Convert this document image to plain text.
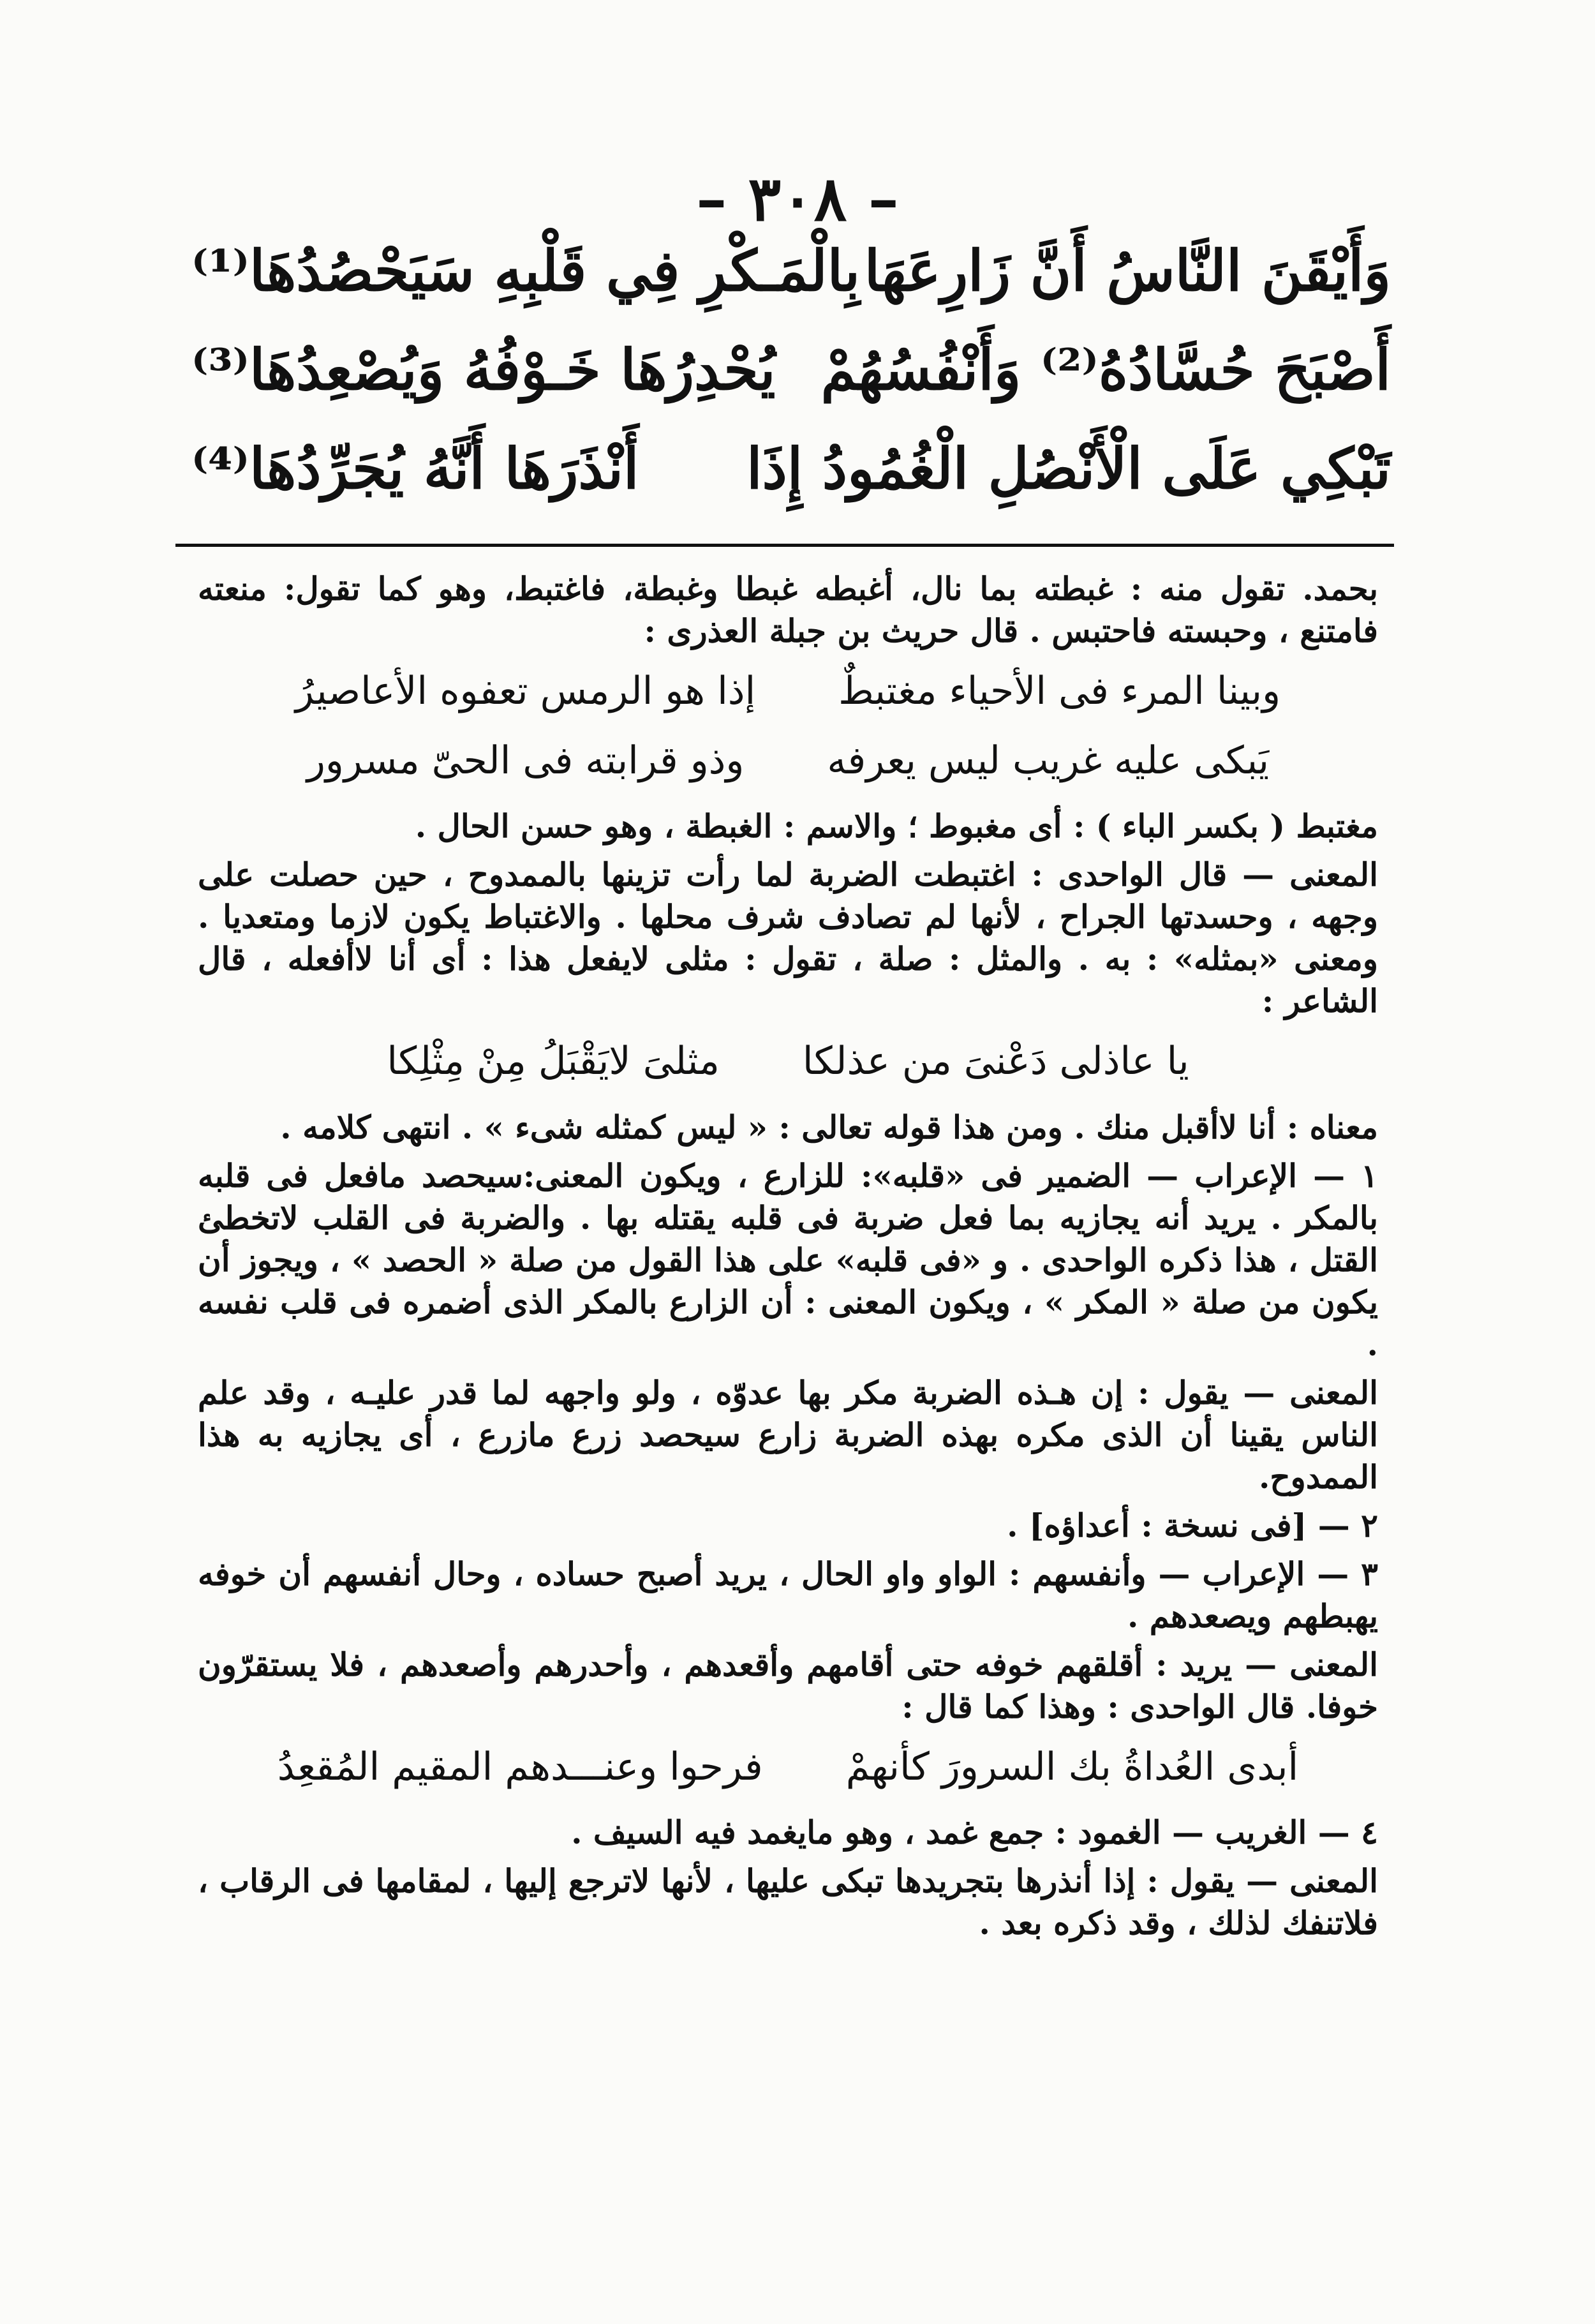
– ٣٠٨ –
وَأَيْقَنَ النَّاسُ أَنَّ زَارِعَهَا
بِالْمَـكْرِ فِي قَلْبِهِ سَيَحْصُدُهَا⁽¹⁾
أَصْبَحَ حُسَّادُهُ⁽²⁾ وَأَنْفُسُهُمْ
يُحْدِرُهَا خَـوْفُهُ وَيُصْعِدُهَا⁽³⁾
تَبْكِي عَلَى الْأَنْصُلِ الْغُمُودُ إِذَا
أَنْذَرَهَا أَنَّهُ يُجَرِّدُهَا⁽⁴⁾

بحمد. تقول منه : غبطته بما نال، أغبطه غبطا وغبطة، فاغتبط، وهو كما تقول: منعته فامتنع ، وحبسته فاحتبس . قال حريث بن جبلة العذرى :

وبينا المرء فى الأحياء مغتبطٌ
إذا هو الرمس تعفوه الأعاصيرُ
يَبكى عليه غريب ليس يعرفه
وذو قرابته فى الحىّ مسرور

مغتبط ( بكسر الباء ) : أى مغبوط ؛ والاسم : الغبطة ، وهو حسن الحال .

المعنى — قال الواحدى : اغتبطت الضربة لما رأت تزينها بالممدوح ، حين حصلت على وجهه ، وحسدتها الجراح ، لأنها لم تصادف شرف محلها . والاغتباط يكون لازما ومتعديا . ومعنى «بمثله» : به . والمثل : صلة ، تقول : مثلى لايفعل هذا : أى أنا لاأفعله ، قال الشاعر :

يا عاذلى دَعْنىَ من عذلكا
مثلىَ لايَقْبَلُ مِنْ مِثْلِكا

معناه : أنا لاأقبل منك . ومن هذا قوله تعالى : « ليس كمثله شىء » . انتهى كلامه .

١ — الإعراب — الضمير فى «قلبه»: للزارع ، ويكون المعنى:سيحصد مافعل فى قلبه بالمكر . يريد أنه يجازيه بما فعل ضربة فى قلبه يقتله بها . والضربة فى القلب لاتخطئ القتل ، هذا ذكره الواحدى . و «فى قلبه» على هذا القول من صلة « الحصد » ، ويجوز أن يكون من صلة « المكر » ، ويكون المعنى : أن الزارع بالمكر الذى أضمره فى قلب نفسه .

المعنى — يقول : إن هـذه الضربة مكر بها عدوّه ، ولو واجهه لما قدر عليـه ، وقد علم الناس يقينا أن الذى مكره بهذه الضربة زارع سيحصد زرع مازرع ، أى يجازيه به هذا الممدوح.

٢ — [فى نسخة : أعداؤه] .

٣ — الإعراب — وأنفسهم : الواو واو الحال ، يريد أصبح حساده ، وحال أنفسهم أن خوفه يهبطهم ويصعدهم .

المعنى — يريد : أقلقهم خوفه حتى أقامهم وأقعدهم ، وأحدرهم وأصعدهم ، فلا يستقرّون خوفا. قال الواحدى : وهذا كما قال :

أبدى العُداةُ بك السرورَ كأنهمْ
فرحوا وعنـــدهم المقيم المُقعِدُ

٤ — الغريب — الغمود : جمع غمد ، وهو مايغمد فيه السيف .

المعنى — يقول : إذا أنذرها بتجريدها تبكى عليها ، لأنها لاترجع إليها ، لمقامها فى الرقاب ، فلاتنفك لذلك ، وقد ذكره بعد .
